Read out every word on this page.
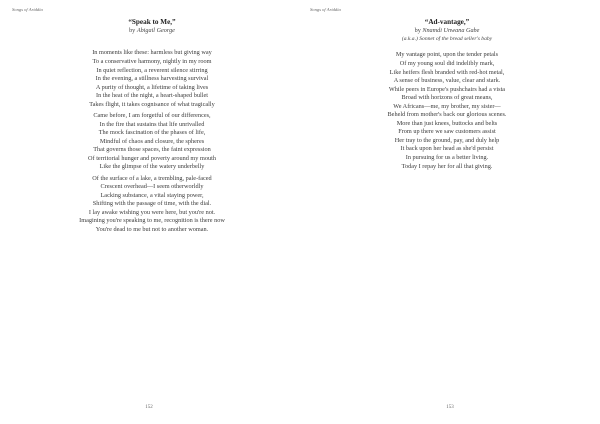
Songs of Ariddia
“Speak to Me,”
by Abigail George
In moments like these: harmless but giving way
To a conservative harmony, nightly in my room
In quiet reflection, a reverent silence stirring
In the evening, a stillness harvesting survival
A purity of thought, a lifetime of taking lives
In the heat of the night, a heart-shaped bullet
Takes flight, it takes cognisance of what tragically
Came before, I am forgetful of our differences,
In the fire that sustains that life unrivalled
The mock fascination of the phases of life,
Mindful of chaos and closure, the spheres
That governs those spaces, the faint expression
Of territorial hunger and poverty around my mouth
Like the glimpse of the watery underbelly
Of the surface of a lake, a trembling, pale-faced
Crescent overhead—I seem otherworldly
Lacking substance, a vital staying power,
Shifting with the passage of time, with the dial.
I lay awake wishing you were here, but you're not.
Imagining you're speaking to me, recognition is there now
You're dead to me but not to another woman.
152
Songs of Ariddia
“Ad-vantage,”
by Nnamdi Unwana Gabe
(a.k.a.) Sonnet of the bread seller's baby
My vantage point, upon the tender petals
Of my young soul did indelibly mark,
Like heifers flesh branded with red-hot metal,
A sense of business, value, clear and stark.
While peers in Europe's pushchairs had a vista
Broad with horizons of great means,
We Africans—me, my brother, my sister—
Beheld from mother's back our glorious scenes.
More than just knees, buttocks and belts
From up there we saw customers assist
Her tray to the ground, pay, and duly help
It back upon her head as she'd persist
In pursuing for us a better living.
Today I repay her for all that giving.
153
